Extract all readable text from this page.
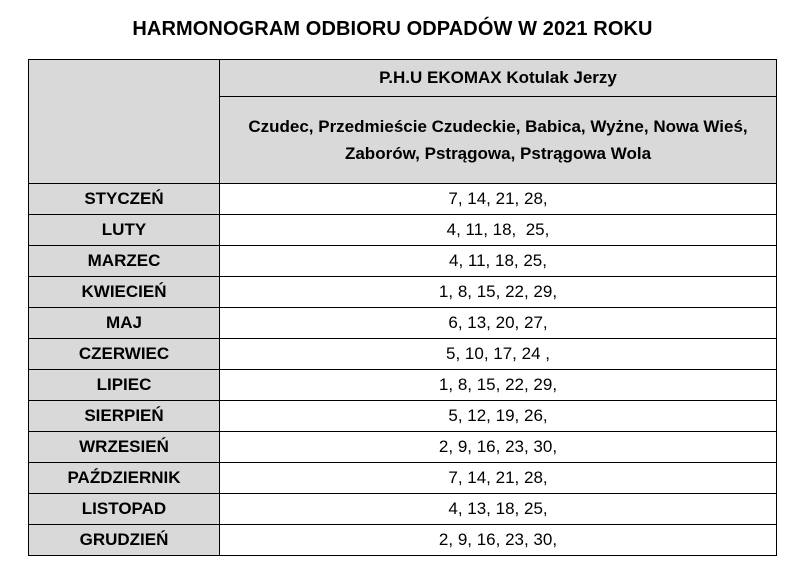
HARMONOGRAM ODBIORU ODPADÓW W 2021 ROKU
	P.H.U EKOMAX Kotulak Jerzy
	Czudec, Przedmieście Czudeckie, Babica, Wyżne, Nowa Wieś, Zaborów, Pstrągowa, Pstrągowa Wola
STYCZEŃ	7, 14, 21, 28,
LUTY	4, 11, 18,  25,
MARZEC	4, 11, 18, 25,
KWIECIEŃ	1, 8, 15, 22, 29,
MAJ	6, 13, 20, 27,
CZERWIEC	5, 10, 17, 24 ,
LIPIEC	1, 8, 15, 22, 29,
SIERPIEŃ	5, 12, 19, 26,
WRZESIEŃ	2, 9, 16, 23, 30,
PAŹDZIERNIK	7, 14, 21, 28,
LISTOPAD	4, 13, 18, 25,
GRUDZIEŃ	2, 9, 16, 23, 30,
